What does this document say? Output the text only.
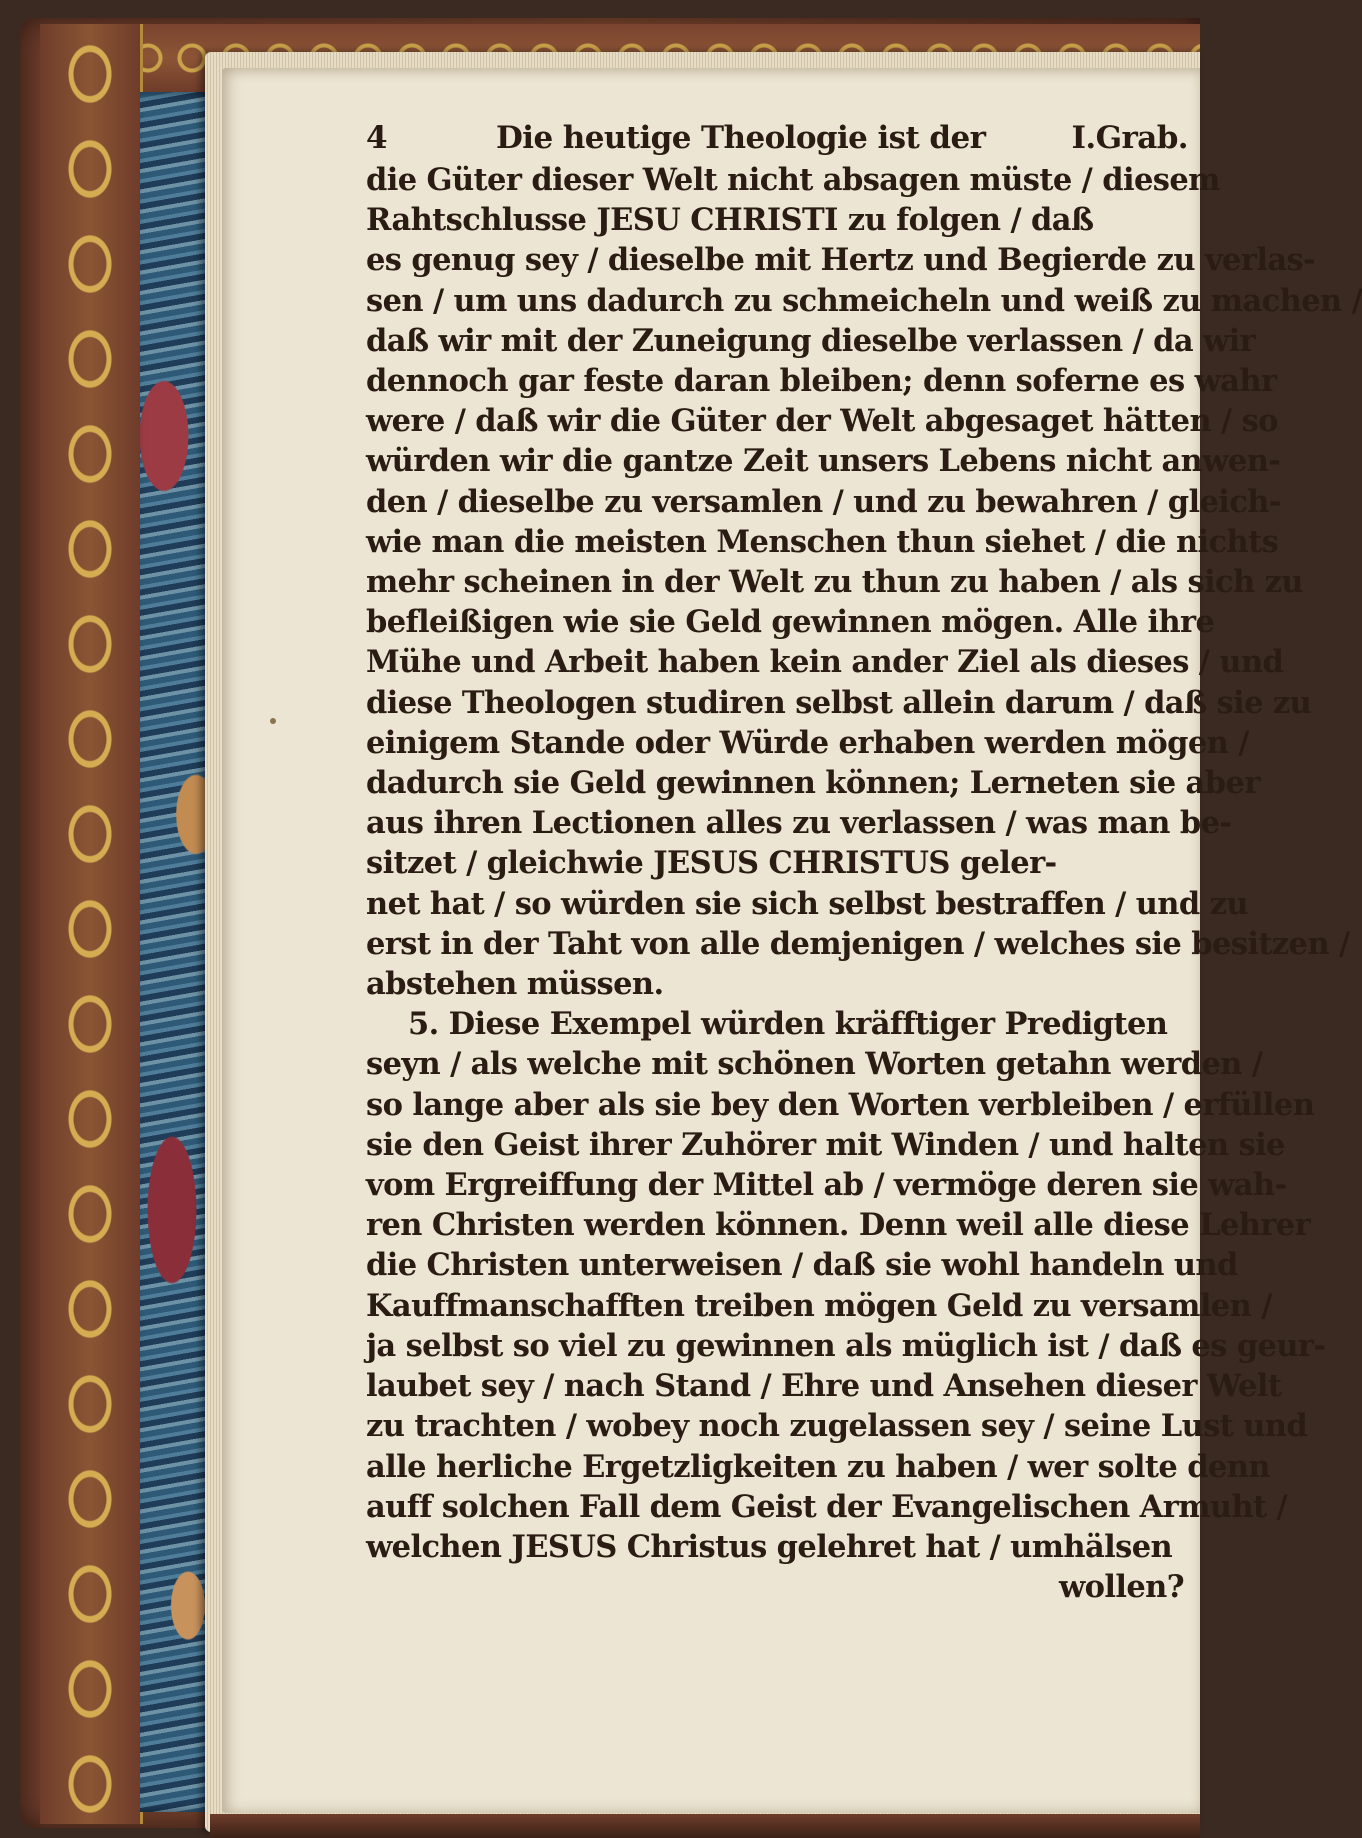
4	Die heutige Theologie ist der	I.Grab.
die Güter dieser Welt nicht absagen müste / diesem
Rahtschlusse JESU CHRISTI zu folgen / daß
es genug sey / dieselbe mit Hertz und Begierde zu verlas-
sen / um uns dadurch zu schmeicheln und weiß zu machen /
daß wir mit der Zuneigung dieselbe verlassen / da wir
dennoch gar feste daran bleiben; denn soferne es wahr
were / daß wir die Güter der Welt abgesaget hätten / so
würden wir die gantze Zeit unsers Lebens nicht anwen-
den / dieselbe zu versamlen / und zu bewahren / gleich-
wie man die meisten Menschen thun siehet / die nichts
mehr scheinen in der Welt zu thun zu haben / als sich zu
befleißigen wie sie Geld gewinnen mögen. Alle ihre
Mühe und Arbeit haben kein ander Ziel als dieses / und
diese Theologen studiren selbst allein darum / daß sie zu
einigem Stande oder Würde erhaben werden mögen /
dadurch sie Geld gewinnen können; Lerneten sie aber
aus ihren Lectionen alles zu verlassen / was man be-
sitzet / gleichwie JESUS CHRISTUS geler-
net hat / so würden sie sich selbst bestraffen / und zu
erst in der Taht von alle demjenigen / welches sie besitzen /
abstehen müssen.
5. Diese Exempel würden kräfftiger Predigten
seyn / als welche mit schönen Worten getahn werden /
so lange aber als sie bey den Worten verbleiben / erfüllen
sie den Geist ihrer Zuhörer mit Winden / und halten sie
vom Ergreiffung der Mittel ab / vermöge deren sie wah-
ren Christen werden können. Denn weil alle diese Lehrer
die Christen unterweisen / daß sie wohl handeln und
Kauffmanschafften treiben mögen Geld zu versamlen /
ja selbst so viel zu gewinnen als müglich ist / daß es geur-
laubet sey / nach Stand / Ehre und Ansehen dieser Welt
zu trachten / wobey noch zugelassen sey / seine Lust und
alle herliche Ergetzligkeiten zu haben / wer solte denn
auff solchen Fall dem Geist der Evangelischen Armuht /
welchen JESUS Christus gelehret hat / umhälsen
wollen?
